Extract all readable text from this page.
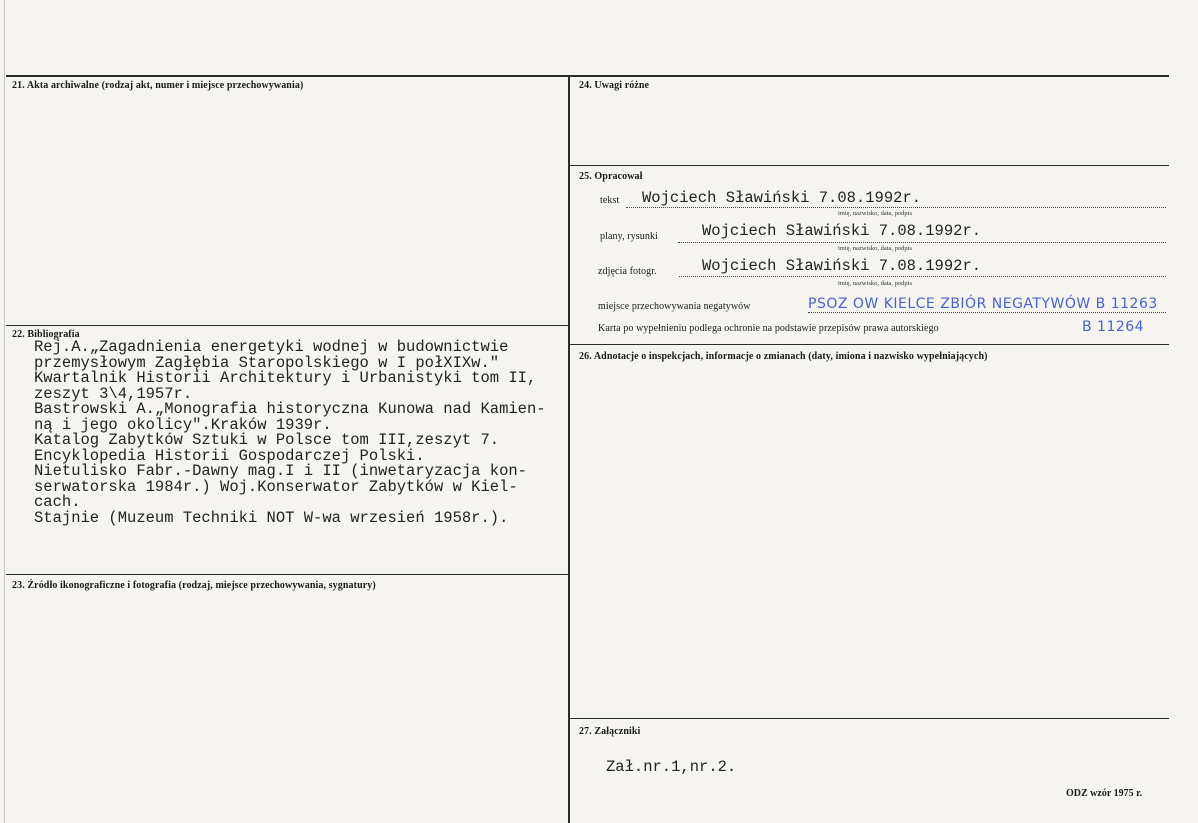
21. Akta archiwalne (rodzaj akt, numer i miejsce przechowywania)
22. Bibliografia
Rej.A.„Zagadnienia energetyki wodnej w budownictwie
przemysłowym Zagłębia Staropolskiego w I połXIXw."
Kwartalnik Historii Architektury i Urbanistyki tom II,
zeszyt 3\4,1957r.
Bastrowski A.„Monografia historyczna Kunowa nad Kamien-
ną i jego okolicy".Kraków 1939r.
Katalog Zabytków Sztuki w Polsce tom III,zeszyt 7.
Encyklopedia Historii Gospodarczej Polski.
Nietulisko Fabr.-Dawny mag.I i II (inwetaryzacja kon-
serwatorska 1984r.) Woj.Konserwator Zabytków w Kiel-
cach.
Stajnie (Muzeum Techniki NOT W-wa wrzesień 1958r.).
23. Źródło ikonograficzne i fotografia (rodzaj, miejsce przechowywania, sygnatury)
24. Uwagi różne
25. Opracował
tekst Wojciech Sławiński 7.08.1992r.
imię, nazwisko, data, podpis
plany, rysunki	Wojciech Sławiński 7.08.1992r.
imię, nazwisko, data, podpis
zdjęcia fotogr.	Wojciech Sławiński 7.08.1992r.
imię, nazwisko, data, podpis
miejsce przechowywania negatywów	PSOZ OW KIELCE ZBIÓR NEGATYWÓW B 11263
Karta po wypełnieniu podlega ochronie na podstawie przepisów prawa autorskiego	B 11264
26. Adnotacje o inspekcjach, informacje o zmianach (daty, imiona i nazwisko wypełniających)
27. Załączniki
Zał.nr.1,nr.2.
ODZ wzór 1975 r.
